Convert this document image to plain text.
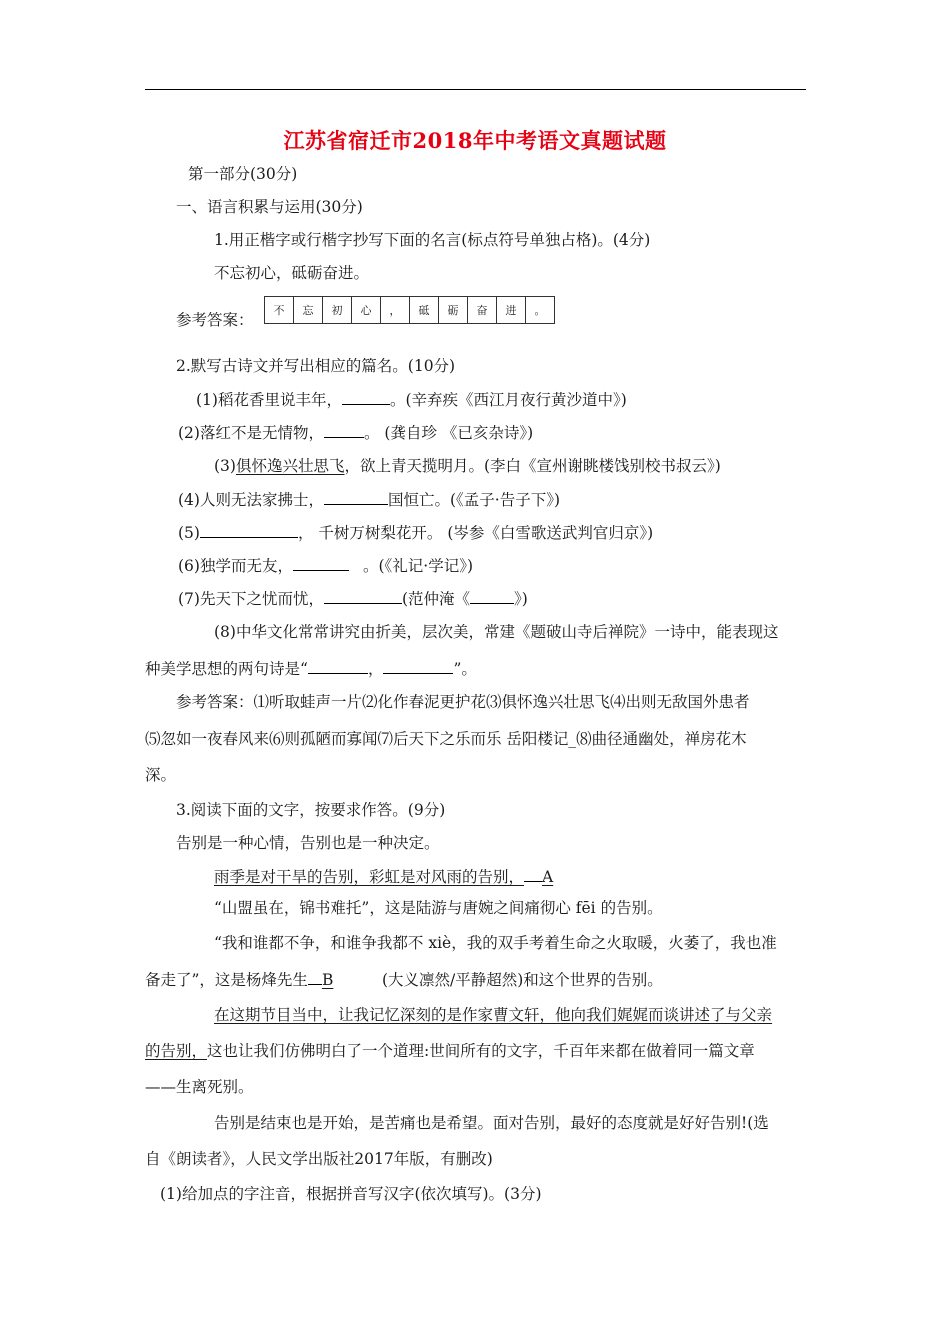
江苏省宿迁市2018年中考语文真题试题
第一部分(30分)
一、语言积累与运用(30分)
1.用正楷字或行楷字抄写下面的名言(标点符号单独占格)。(4分)
不忘初心，砥砺奋进。
参考答案：
不	忘	初	心	，	砥	砺	奋	进	。
2.默写古诗文并写出相应的篇名。(10分)
(1)稻花香里说丰年，	。(辛弃疾《西江月夜行黄沙道中》)
(2)落红不是无情物，	。 (龚自珍 《已亥杂诗》)
(3)俱怀逸兴壮思飞，欲上青天揽明月。(李白《宣州谢眺楼饯别校书叔云》)
(4)人则无法家拂士，	国恒亡。(《孟子·告子下》)
(5)	， 千树万树梨花开。 (岑参《白雪歌送武判官归京》)
(6)独学而无友，	。(《礼记·学记》)
(7)先天下之忧而忧，	(范仲淹《	》)
(8)中华文化常常讲究由折美，层次美，常建《题破山寺后禅院》一诗中，能表现这
种美学思想的两句诗是“	，	”。
参考答案：⑴听取蛙声一片⑵化作春泥更护花⑶俱怀逸兴壮思飞⑷出则无敌国外患者
⑸忽如一夜春风来⑹则孤陋而寡闻⑺后天下之乐而乐 岳阳楼记_⑻曲径通幽处，禅房花木
深。
3.阅读下面的文字，按要求作答。(9分)
告别是一种心情，告别也是一种决定。
雨季是对干旱的告别，彩虹是对风雨的告别，A
“山盟虽在，锦书难托”，这是陆游与唐婉之间痛彻心 fēi 的告别。
“我和谁都不争，和谁争我都不 xiè，我的双手考着生命之火取暖，火萎了，我也准
备走了”，这是杨烽先生B	(大义凛然/平静超然)和这个世界的告别。
在这期节目当中，让我记忆深刻的是作家曹文轩，他向我们娓娓而谈讲述了与父亲
的告别，这也让我们仿佛明白了一个道理:世间所有的文字，千百年来都在做着同一篇文章
——生离死别。
告别是结束也是开始，是苦痛也是希望。面对告别，最好的态度就是好好告别!(选
自《朗读者》，人民文学出版社2017年版，有删改)
(1)给加点的字注音，根据拼音写汉字(依次填写)。(3分)
